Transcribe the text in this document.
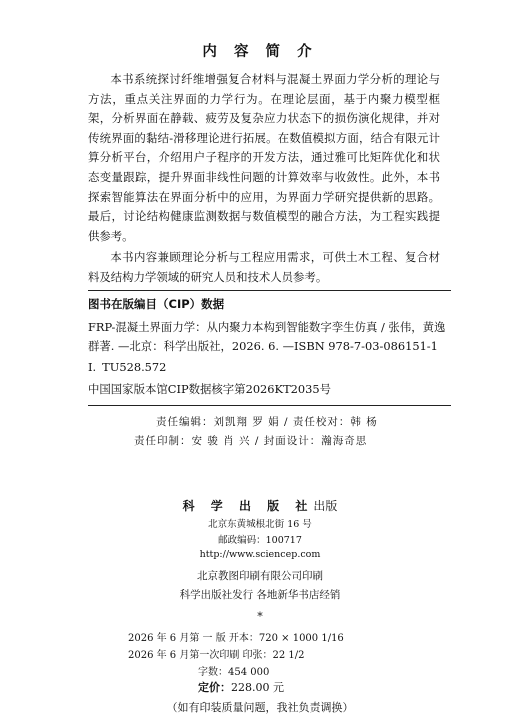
内 容 简 介

本书系统探讨纤维增强复合材料与混凝土界面力学分析的理论与方法，重点关注界面的力学行为。在理论层面，基于内聚力模型框架，分析界面在静载、疲劳及复杂应力状态下的损伤演化规律，并对传统界面的黏结-滑移理论进行拓展。在数值模拟方面，结合有限元计算分析平台，介绍用户子程序的开发方法，通过雅可比矩阵优化和状态变量跟踪，提升界面非线性问题的计算效率与收敛性。此外，本书探索智能算法在界面分析中的应用，为界面力学研究提供新的思路。最后，讨论结构健康监测数据与数值模型的融合方法，为工程实践提供参考。

本书内容兼顾理论分析与工程应用需求，可供土木工程、复合材料及结构力学领域的研究人员和技术人员参考。

图书在版编目（CIP）数据

FRP-混凝土界面力学：从内聚力本构到智能数字孪生仿真 / 张伟，黄逸群著. —北京：科学出版社，2026. 6. —ISBN 978-7-03-086151-1

Ⅰ. TU528.572
中国国家版本馆CIP数据核字第2026KT2035号
责任编辑：刘凯翔 罗 娟 / 责任校对：韩 杨
责任印制：安 骏 肖 兴 / 封面设计：瀚海奇思
科 学 出 版 社出版
北京东黄城根北街 16 号
邮政编码：100717
http://www.sciencep.com
北京教图印刷有限公司印刷
科学出版社发行 各地新华书店经销
*
2026 年 6 月第 一 版 开本：720 × 1000 1/16
2026 年 6 月第一次印刷 印张：22 1/2
字数：454 000
定价：228.00 元
（如有印装质量问题，我社负责调换）
